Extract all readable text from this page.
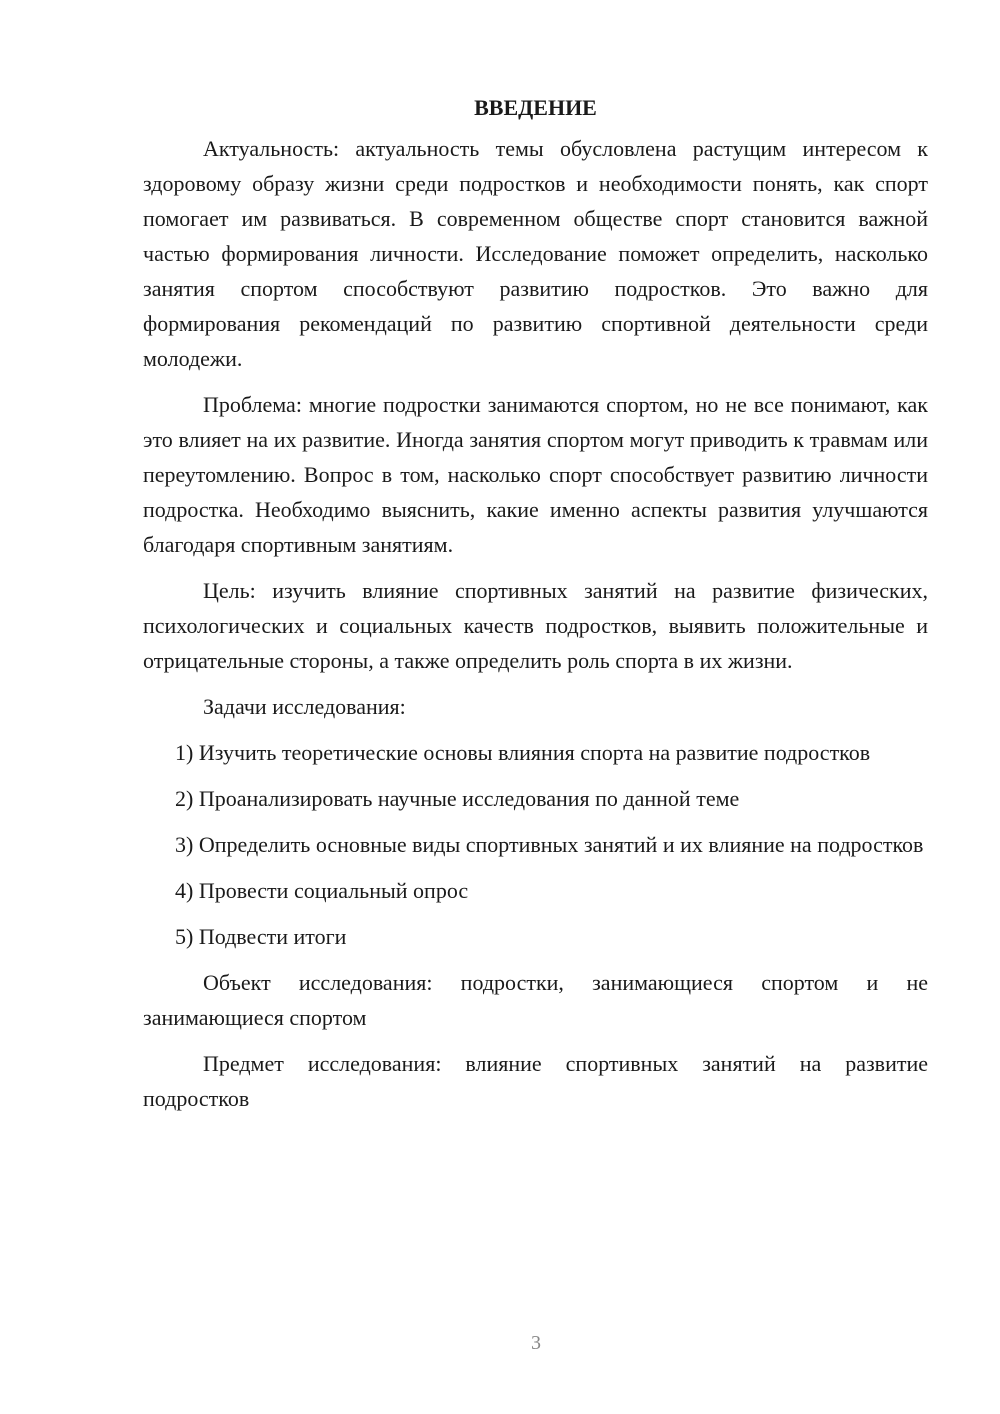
ВВЕДЕНИЕ

Актуальность: актуальность темы обусловлена растущим интересом к здоровому образу жизни среди подростков и необходимости понять, как спорт помогает им развиваться. В современном обществе спорт становится важной частью формирования личности. Исследование поможет определить, насколько занятия спортом способствуют развитию подростков. Это важно для формирования рекомендаций по развитию спортивной деятельности среди молодежи.

Проблема: многие подростки занимаются спортом, но не все понимают, как это влияет на их развитие. Иногда занятия спортом могут приводить к травмам или переутомлению. Вопрос в том, насколько спорт способствует развитию личности подростка. Необходимо выяснить, какие именно аспекты развития улучшаются благодаря спортивным занятиям.

Цель: изучить влияние спортивных занятий на развитие физических, психологических и социальных качеств подростков, выявить положительные и отрицательные стороны, а также определить роль спорта в их жизни.

Задачи исследования:

1) Изучить теоретические основы влияния спорта на развитие подростков

2) Проанализировать научные исследования по данной теме

3) Определить основные виды спортивных занятий и их влияние на подростков

4) Провести социальный опрос

5) Подвести итоги

Объект исследования: подростки, занимающиеся спортом и не занимающиеся спортом

Предмет исследования: влияние спортивных занятий на развитие подростков

3
